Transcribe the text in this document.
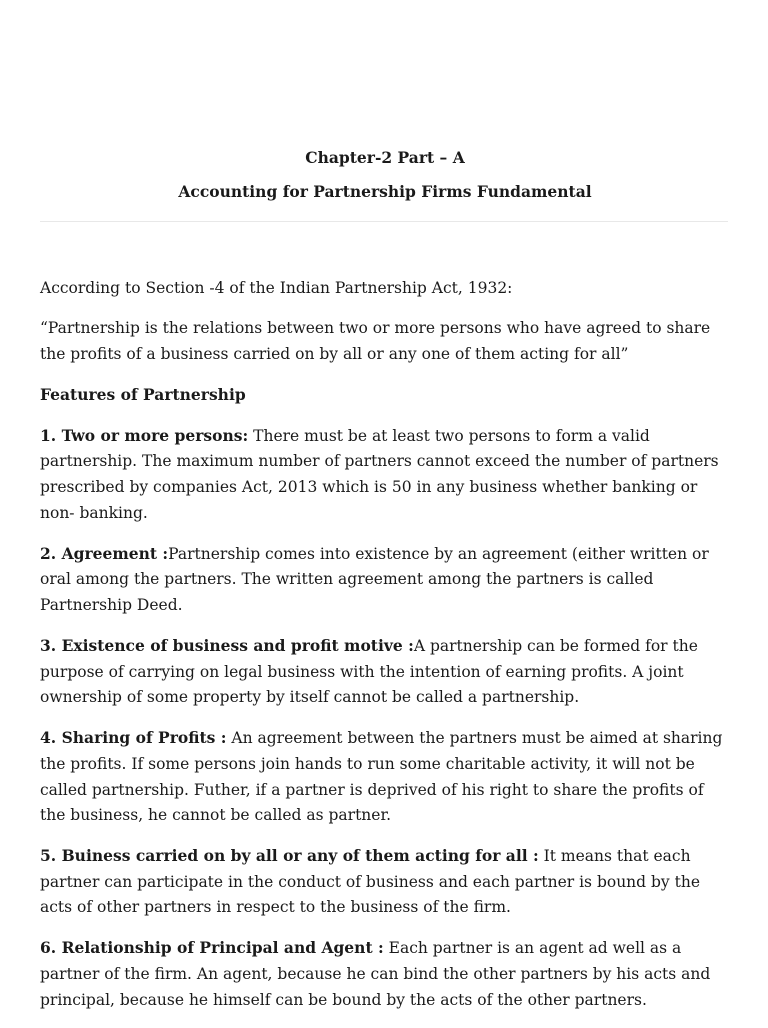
Chapter-2 Part – A
Accounting for Partnership Firms Fundamental

According to Section -4 of the Indian Partnership Act, 1932:

“Partnership is the relations between two or more persons who have agreed to share the profits of a business carried on by all or any one of them acting for all”

Features of Partnership

1. Two or more persons: There must be at least two persons to form a valid partnership. The maximum number of partners cannot exceed the number of partners prescribed by companies Act, 2013 which is 50 in any business whether banking or non- banking.

2. Agreement :Partnership comes into existence by an agreement (either written or oral among the partners. The written agreement among the partners is called Partnership Deed.

3. Existence of business and profit motive :A partnership can be formed for the purpose of carrying on legal business with the intention of earning profits. A joint ownership of some property by itself cannot be called a partnership.

4. Sharing of Profits : An agreement between the partners must be aimed at sharing the profits. If some persons join hands to run some charitable activity, it will not be called partnership. Futher, if a partner is deprived of his right to share the profits of the business, he cannot be called as partner.

5. Buiness carried on by all or any of them acting for all : It means that each partner can participate in the conduct of business and each partner is bound by the acts of other partners in respect to the business of the firm.

6. Relationship of Principal and Agent : Each partner is an agent ad well as a partner of the firm. An agent, because he can bind the other partners by his acts and principal, because he himself can be bound by the acts of the other partners.
